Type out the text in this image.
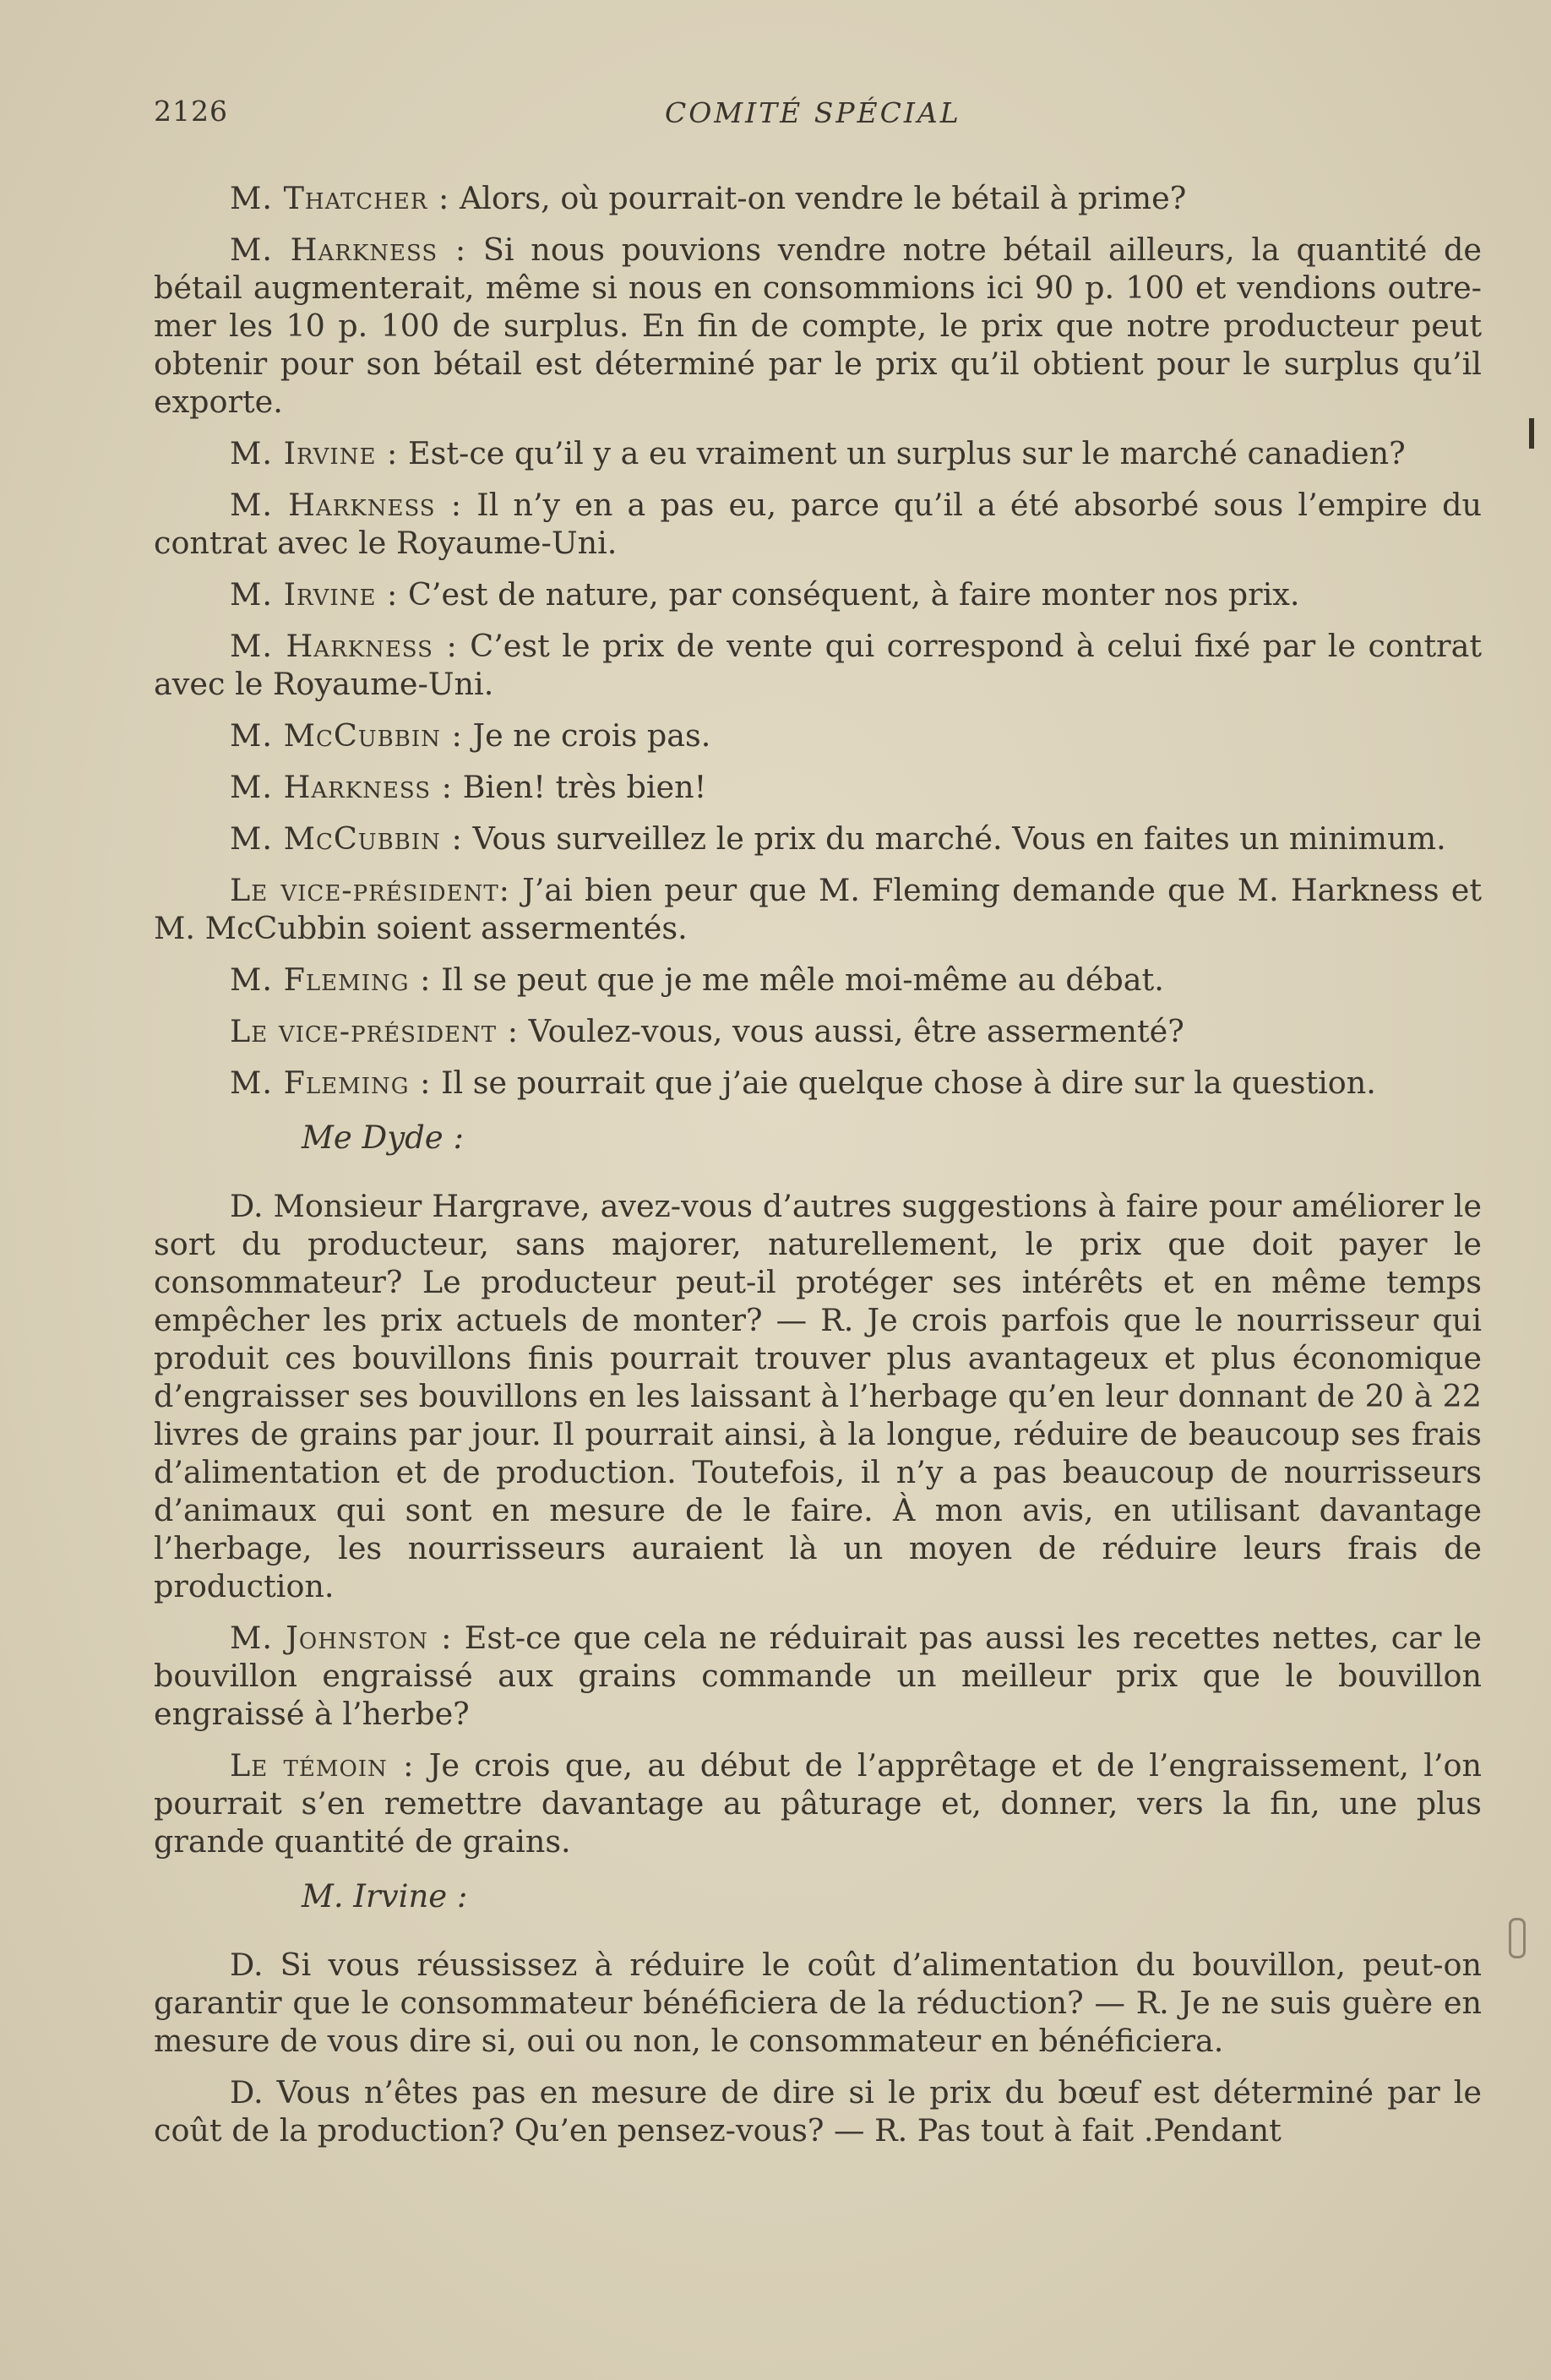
2126	COMITÉ SPÉCIAL

M. Thatcher : Alors, où pourrait-on vendre le bétail à prime?

M. Harkness : Si nous pouvions vendre notre bétail ailleurs, la quantité de bétail augmenterait, même si nous en consommions ici 90 p. 100 et vendions outre-mer les 10 p. 100 de surplus. En fin de compte, le prix que notre producteur peut obtenir pour son bétail est déterminé par le prix qu’il obtient pour le surplus qu’il exporte.

M. Irvine : Est-ce qu’il y a eu vraiment un surplus sur le marché canadien?

M. Harkness : Il n’y en a pas eu, parce qu’il a été absorbé sous l’empire du contrat avec le Royaume-Uni.

M. Irvine : C’est de nature, par conséquent, à faire monter nos prix.

M. Harkness : C’est le prix de vente qui correspond à celui fixé par le contrat avec le Royaume-Uni.

M. McCubbin : Je ne crois pas.

M. Harkness : Bien! très bien!

M. McCubbin : Vous surveillez le prix du marché. Vous en faites un minimum.

Le vice-président: J’ai bien peur que M. Fleming demande que M. Harkness et M. McCubbin soient assermentés.

M. Fleming : Il se peut que je me mêle moi-même au débat.

Le vice-président : Voulez-vous, vous aussi, être assermenté?

M. Fleming : Il se pourrait que j’aie quelque chose à dire sur la question.

Me Dyde :

D. Monsieur Hargrave, avez-vous d’autres suggestions à faire pour améliorer le sort du producteur, sans majorer, naturellement, le prix que doit payer le consommateur? Le producteur peut-il protéger ses intérêts et en même temps empêcher les prix actuels de monter? — R. Je crois parfois que le nourrisseur qui produit ces bouvillons finis pourrait trouver plus avantageux et plus économique d’engraisser ses bouvillons en les laissant à l’herbage qu’en leur donnant de 20 à 22 livres de grains par jour. Il pourrait ainsi, à la longue, réduire de beaucoup ses frais d’alimentation et de production. Toutefois, il n’y a pas beaucoup de nourrisseurs d’animaux qui sont en mesure de le faire. À mon avis, en utilisant davantage l’herbage, les nourrisseurs auraient là un moyen de réduire leurs frais de production.

M. Johnston : Est-ce que cela ne réduirait pas aussi les recettes nettes, car le bouvillon engraissé aux grains commande un meilleur prix que le bouvillon engraissé à l’herbe?

Le témoin : Je crois que, au début de l’apprêtage et de l’engraissement, l’on pourrait s’en remettre davantage au pâturage et, donner, vers la fin, une plus grande quantité de grains.

M. Irvine :

D. Si vous réussissez à réduire le coût d’alimentation du bouvillon, peut-on garantir que le consommateur bénéficiera de la réduction? — R. Je ne suis guère en mesure de vous dire si, oui ou non, le consommateur en bénéficiera.

D. Vous n’êtes pas en mesure de dire si le prix du bœuf est déterminé par le coût de la production? Qu’en pensez-vous? — R. Pas tout à fait .Pendant
